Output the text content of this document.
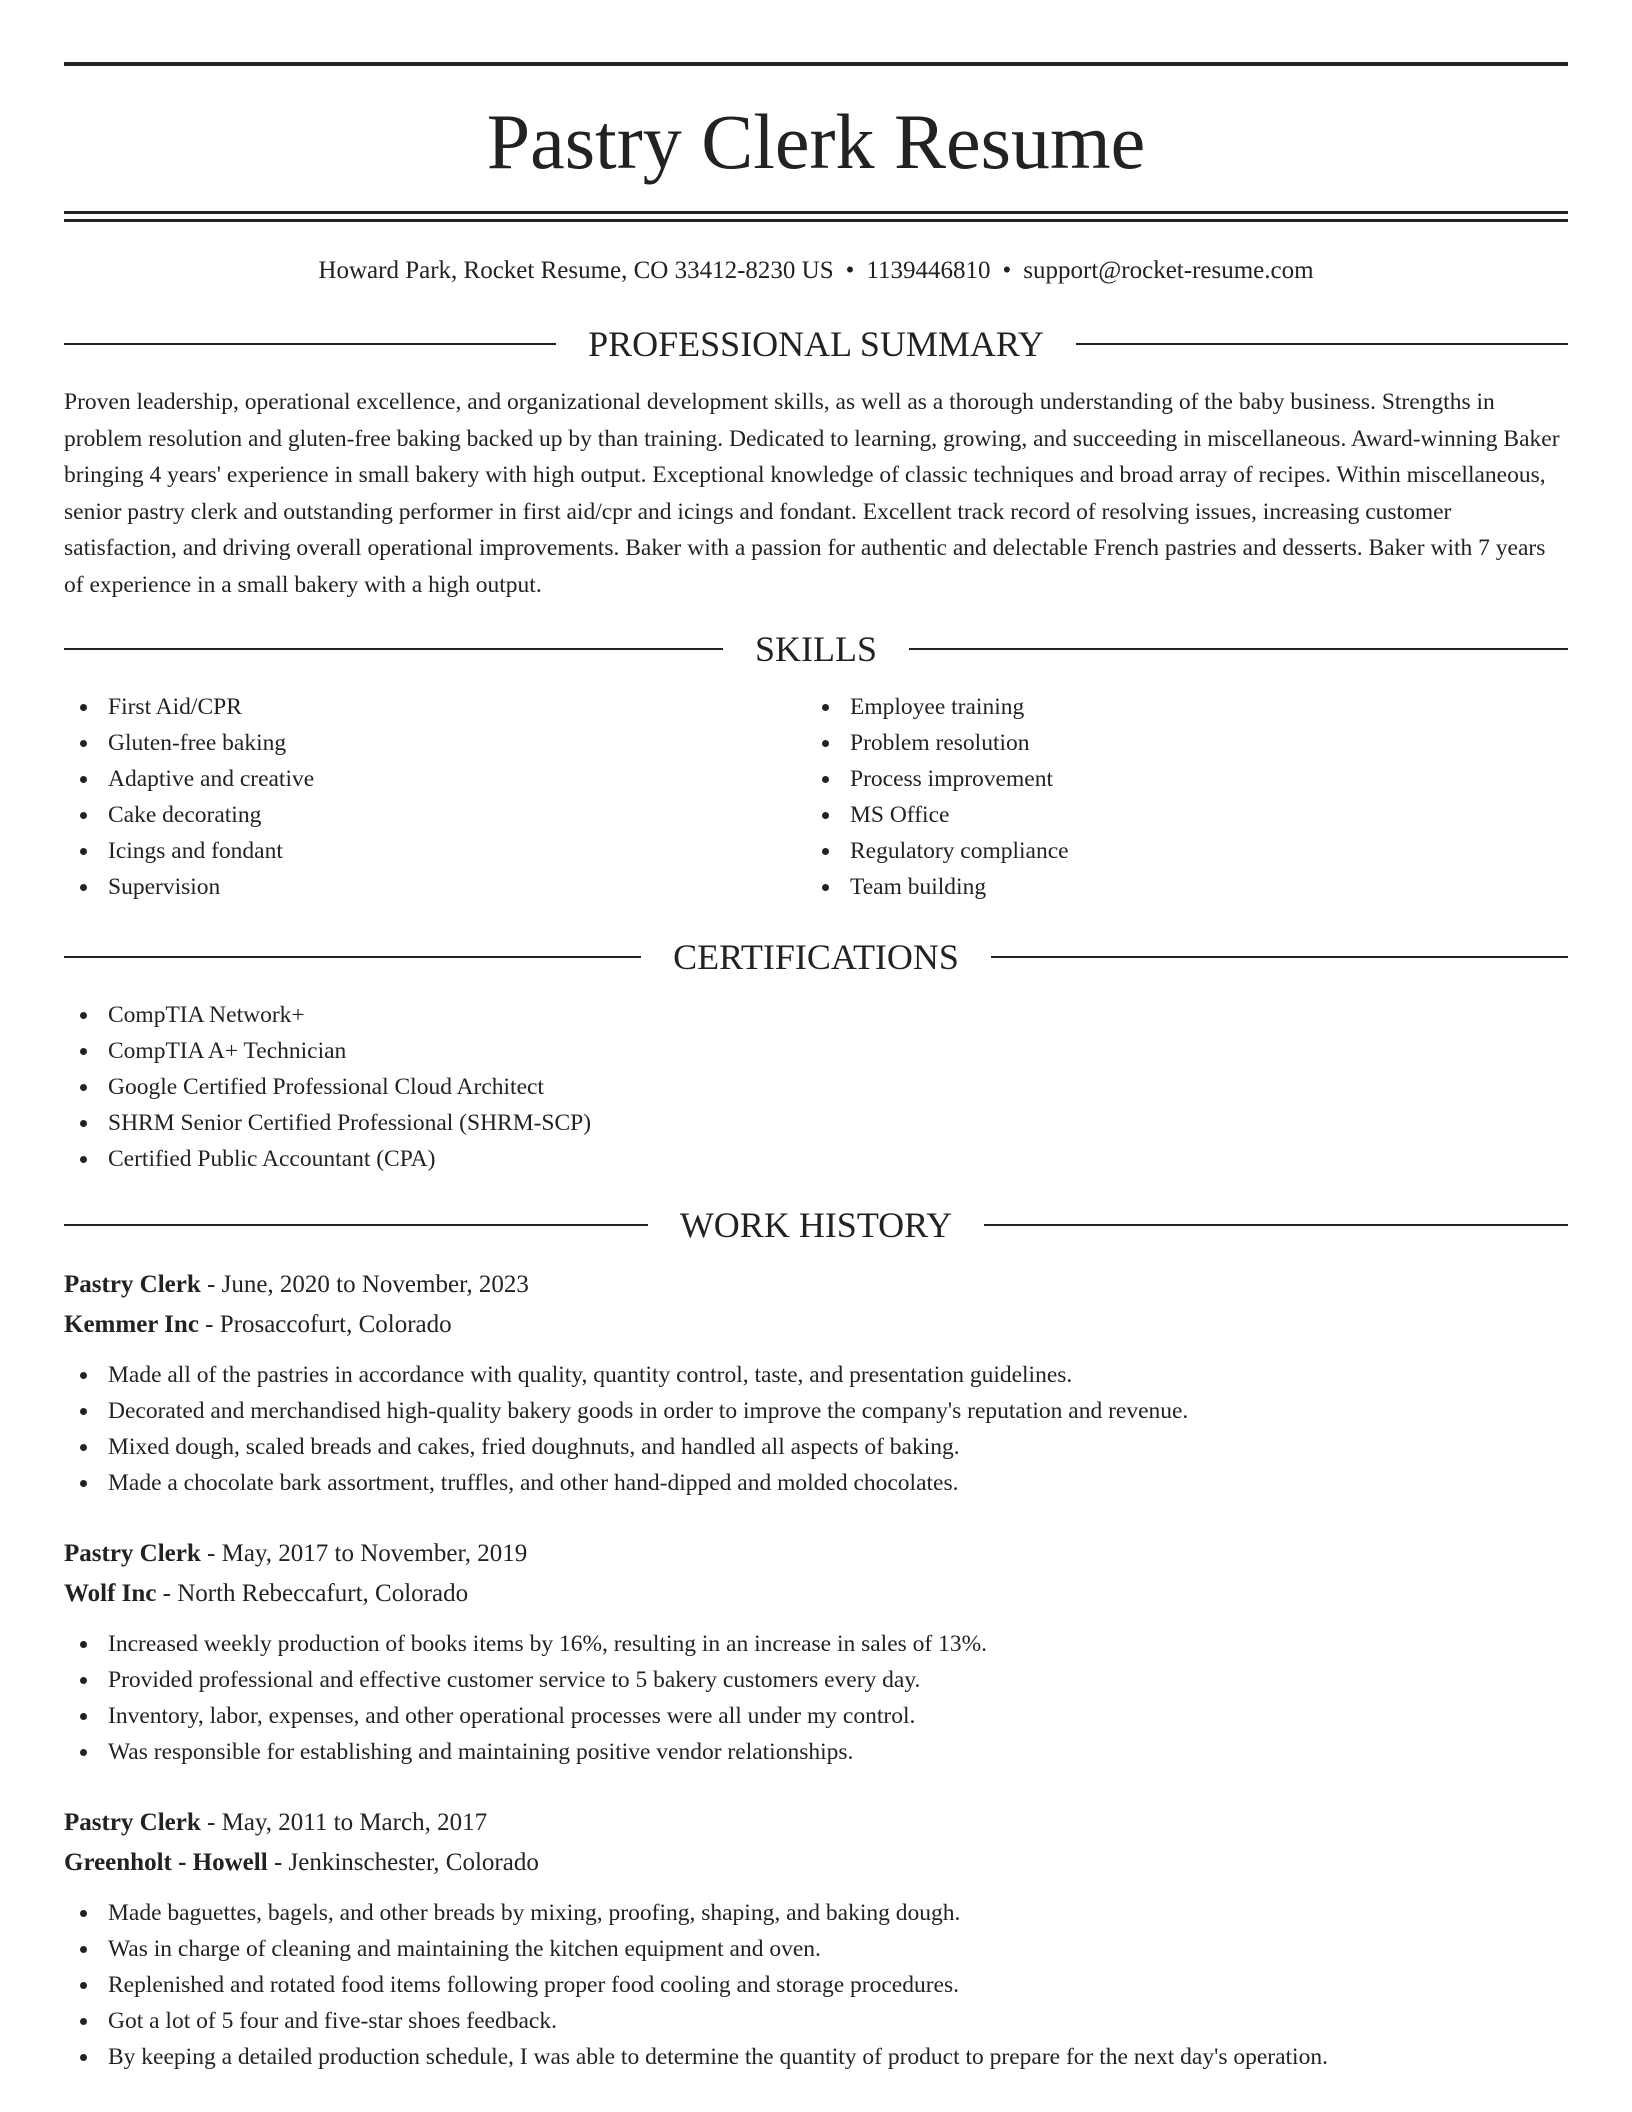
Pastry Clerk Resume
Howard Park, Rocket Resume, CO 33412-8230 US • 1139446810 • support@rocket-resume.com
PROFESSIONAL SUMMARY

Proven leadership, operational excellence, and organizational development skills, as well as a thorough understanding of the baby business. Strengths in problem resolution and gluten-free baking backed up by than training. Dedicated to learning, growing, and succeeding in miscellaneous. Award-winning Baker bringing 4 years' experience in small bakery with high output. Exceptional knowledge of classic techniques and broad array of recipes. Within miscellaneous, senior pastry clerk and outstanding performer in first aid/cpr and icings and fondant. Excellent track record of resolving issues, increasing customer satisfaction, and driving overall operational improvements. Baker with a passion for authentic and delectable French pastries and desserts. Baker with 7 years of experience in a small bakery with a high output.

SKILLS
First Aid/CPR
Gluten-free baking
Adaptive and creative
Cake decorating
Icings and fondant
Supervision
Employee training
Problem resolution
Process improvement
MS Office
Regulatory compliance
Team building
CERTIFICATIONS
CompTIA Network+
CompTIA A+ Technician
Google Certified Professional Cloud Architect
SHRM Senior Certified Professional (SHRM-SCP)
Certified Public Accountant (CPA)
WORK HISTORY
Pastry Clerk - June, 2020 to November, 2023
Kemmer Inc - Prosaccofurt, Colorado
Made all of the pastries in accordance with quality, quantity control, taste, and presentation guidelines.
Decorated and merchandised high-quality bakery goods in order to improve the company's reputation and revenue.
Mixed dough, scaled breads and cakes, fried doughnuts, and handled all aspects of baking.
Made a chocolate bark assortment, truffles, and other hand-dipped and molded chocolates.
Pastry Clerk - May, 2017 to November, 2019
Wolf Inc - North Rebeccafurt, Colorado
Increased weekly production of books items by 16%, resulting in an increase in sales of 13%.
Provided professional and effective customer service to 5 bakery customers every day.
Inventory, labor, expenses, and other operational processes were all under my control.
Was responsible for establishing and maintaining positive vendor relationships.
Pastry Clerk - May, 2011 to March, 2017
Greenholt - Howell - Jenkinschester, Colorado
Made baguettes, bagels, and other breads by mixing, proofing, shaping, and baking dough.
Was in charge of cleaning and maintaining the kitchen equipment and oven.
Replenished and rotated food items following proper food cooling and storage procedures.
Got a lot of 5 four and five-star shoes feedback.
By keeping a detailed production schedule, I was able to determine the quantity of product to prepare for the next day's operation.
